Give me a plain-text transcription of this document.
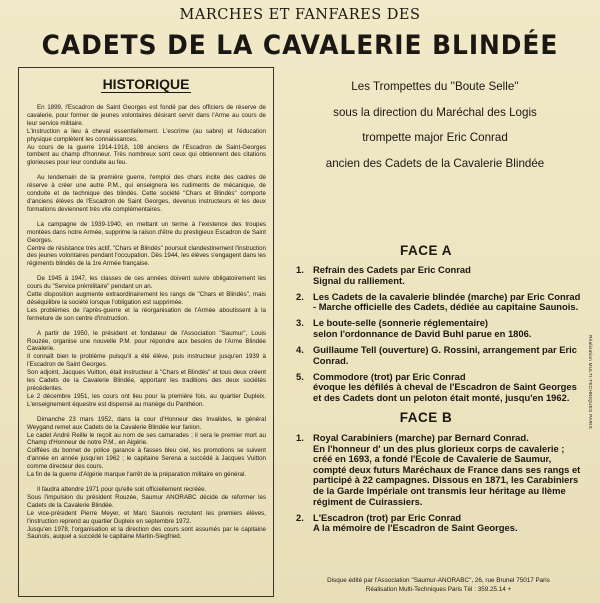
MARCHES ET FANFARES DES
CADETS DE LA CAVALERIE BLINDÉE
HISTORIQUE

En 1899, l'Escadron de Saint Georges est fondé par des officiers de réserve de cavalerie, pour former de jeunes volontaires désirant servir dans l'Arme au cours de leur service militaire.
L'instruction a lieu à cheval essentiellement. L'escrime (au sabre) et l'éducation physique complètent les connaissances.
Au cours de la guerre 1914-1918, 108 anciens de l'Escadron de Saint-Georges tombent au champ d'honneur. Très nombreux sont ceux qui obtiennent des citations glorieuses pour leur conduite au feu.

Au lendemain de la première guerre, l'emploi des chars incite des cadres de réserve à créer une autre P.M., qui enseignera les rudiments de mécanique, de conduite et de technique des blindés. Cette société "Chars et Blindés" comporte d'anciens élèves de l'Escadron de Saint Georges, devenus instructeurs et les deux formations deviennent très vite complémentaires.

La campagne de 1939-1940, en mettant un terme à l'existence des troupes montées dans notre Armée, supprime la raison d'être du prestigieux Escadron de Saint Georges.
Centre de résistance très actif, "Chars et Blindés" poursuit clandestinement l'instruction des jeunes volontaires pendant l'occupation. Dès 1944, les élèves s'engagent dans les régiments blindés de la 1re Armée française.

De 1945 à 1947, les classes de ces années doivent suivre obligatoirement les cours du "Service prémilitaire" pendant un an.
Cette disposition augmente extraordinairement les rangs de "Chars et Blindés", mais déséquilibre la société lorsque l'obligation est supprimée.
Les problèmes de l'après-guerre et la réorganisation de l'Armée aboutissent à la fermeture de son centre d'instruction.

A partir de 1950, le président et fondateur de l'Association "Saumur", Louis Rouzée, organise une nouvelle P.M. pour répondre aux besoins de l'Arme Blindée Cavalerie.
Il connaît bien le problème puisqu'il a été élève, puis instructeur jusqu'en 1939 à l'Escadron de Saint Georges.
Son adjoint, Jacques Vuitton, était instructeur à "Chars et Blindés" et tous deux créent les Cadets de la Cavalerie Blindée, apportant les traditions des deux sociétés précédentes.
Le 2 décembre 1951, les cours ont lieu pour la première fois, au quartier Dupleix. L'enseignement équestre est dispensé au manège du Panthéon.

Dimanche 23 mars 1952, dans la cour d'Honneur des Invalides, le général Weygand remet aux Cadets de la Cavalerie Blindée leur fanion.
Le cadet André Reille le reçoit au nom de ses camarades ; il sera le premier mort au Champ d'Honneur de notre P.M., en Algérie.
Coiffées du bonnet de police garance à fasses bleu ciel, les promotions se suivent d'année en année jusqu'en 1962 ; le capitaine Serena a succédé à Jacques Vuitton comme directeur des cours.
La fin de la guerre d'Algérie marque l'arrêt de la préparation militaire en général.

Il faudra attendre 1971 pour qu'elle soit officiellement recréée.
Sous l'impulsion du président Rouzée, Saumur ANORABC décide de reformer les Cadets de la Cavalerie Blindée.
Le vice-président Pierre Meyer, et Marc Saunois recrutent les premiers élèves, l'instruction reprend au quartier Dupleix en septembre 1972.
Jusqu'en 1978, l'organisation et la direction des cours sont assumés par le capitaine Saunois, auquel a succédé le capitaine Martin-Siegfried.

Les Trompettes du ''Boute Selle''
sous la direction du Maréchal des Logis
trompette major Eric Conrad
ancien des Cadets de la Cavalerie Blindée
FACE A
1. Refrain des Cadets par Eric Conrad
Signal du ralliement.
2. Les Cadets de la cavalerie blindée (marche) par Eric Conrad - Marche officielle des Cadets, dédiée au capitaine Saunois.
3. Le boute-selle (sonnerie réglementaire)
selon l'ordonnance de David Buhl parue en 1806.
4. Guillaume Tell (ouverture) G. Rossini, arrangement par Eric Conrad.
5. Commodore (trot) par Eric Conrad
évoque les défilés à cheval de l'Escadron de Saint Georges et des Cadets dont un peloton était monté, jusqu'en 1962.
FACE B
1. Royal Carabiniers (marche) par Bernard Conrad.
En l'honneur d' un des plus glorieux corps de cavalerie ; créé en 1693, a fondé l'Ecole de Cavalerie de Saumur, compté deux futurs Maréchaux de France dans ses rangs et participé à 22 campagnes. Dissous en 1871, les Carabiniers de la Garde Impériale ont transmis leur héritage au llème régiment de Cuirassiers.
2. L'Escadron (trot) par Eric Conrad
A la mémoire de l'Escadron de Saint Georges.
Réalisation MULTI-TECHNIQUES PARIS
Disque édité par l'Association ''Saumur-ANORABC'', 26, rue Brunel 75017 Paris
Réalisation Multi-Techniques Paris Tél : 359.25.14 +
